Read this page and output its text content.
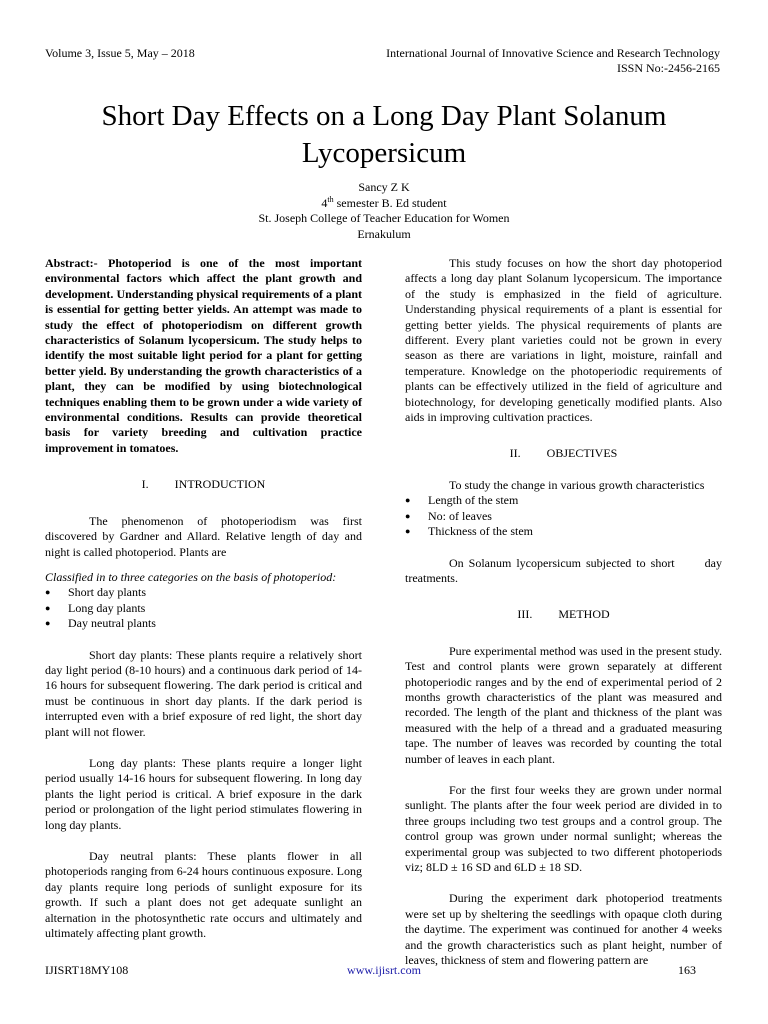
Volume 3, Issue 5, May – 2018	International Journal of Innovative Science and Research Technology
ISSN No:-2456-2165
Short Day Effects on a Long Day Plant Solanum
Lycopersicum
Sancy Z K
4th semester B. Ed student
St. Joseph College of Teacher Education for Women
Ernakulum

Abstract:- Photoperiod is one of the most important environmental factors which affect the plant growth and development. Understanding physical requirements of a plant is essential for getting better yields. An attempt was made to study the effect of photoperiodism on different growth characteristics of Solanum lycopersicum. The study helps to identify the most suitable light period for a plant for getting better yield. By understanding the growth characteristics of a plant, they can be modified by using biotechnological techniques enabling them to be grown under a wide variety of environmental conditions. Results can provide theoretical basis for variety breeding and cultivation practice improvement in tomatoes.

I. INTRODUCTION

The phenomenon of photoperiodism was first discovered by Gardner and Allard. Relative length of day and night is called photoperiod. Plants are

Classified in to three categories on the basis of photoperiod:

● Short day plants
● Long day plants
● Day neutral plants

Short day plants: These plants require a relatively short day light period (8-10 hours) and a continuous dark period of 14-16 hours for subsequent flowering. The dark period is critical and must be continuous in short day plants. If the dark period is interrupted even with a brief exposure of red light, the short day plant will not flower.

Long day plants: These plants require a longer light period usually 14-16 hours for subsequent flowering. In long day plants the light period is critical. A brief exposure in the dark period or prolongation of the light period stimulates flowering in long day plants.

Day neutral plants: These plants flower in all photoperiods ranging from 6-24 hours continuous exposure. Long day plants require long periods of sunlight exposure for its growth. If such a plant does not get adequate sunlight an alternation in the photosynthetic rate occurs and ultimately and ultimately affecting plant growth.

This study focuses on how the short day photoperiod affects a long day plant Solanum lycopersicum. The importance of the study is emphasized in the field of agriculture. Understanding physical requirements of a plant is essential for getting better yields. The physical requirements of plants are different. Every plant varieties could not be grown in every season as there are variations in light, moisture, rainfall and temperature. Knowledge on the photoperiodic requirements of plants can be effectively utilized in the field of agriculture and biotechnology, for developing genetically modified plants. Also aids in improving cultivation practices.

II. OBJECTIVES

To study the change in various growth characteristics

● Length of the stem
● No: of leaves
● Thickness of the stem

On Solanum lycopersicum subjected to short      day treatments.

III. METHOD

Pure experimental method was used in the present study. Test and control plants were grown separately at different photoperiodic ranges and by the end of experimental period of 2 months growth characteristics of the plant was measured and recorded. The length of the plant and thickness of the plant was measured with the help of a thread and a graduated measuring tape. The number of leaves was recorded by counting the total number of leaves in each plant.

For the first four weeks they are grown under normal sunlight. The plants after the four week period are divided in to three groups including two test groups and a control group. The control group was grown under normal sunlight; whereas the experimental group was subjected to two different photoperiods viz; 8LD ± 16 SD and 6LD ± 18 SD.

During the experiment dark photoperiod treatments were set up by sheltering the seedlings with opaque cloth during the daytime. The experiment was continued for another 4 weeks and the growth characteristics such as plant height, number of leaves, thickness of stem and flowering pattern are

IJISRT18MY108	www.ijisrt.com	163
